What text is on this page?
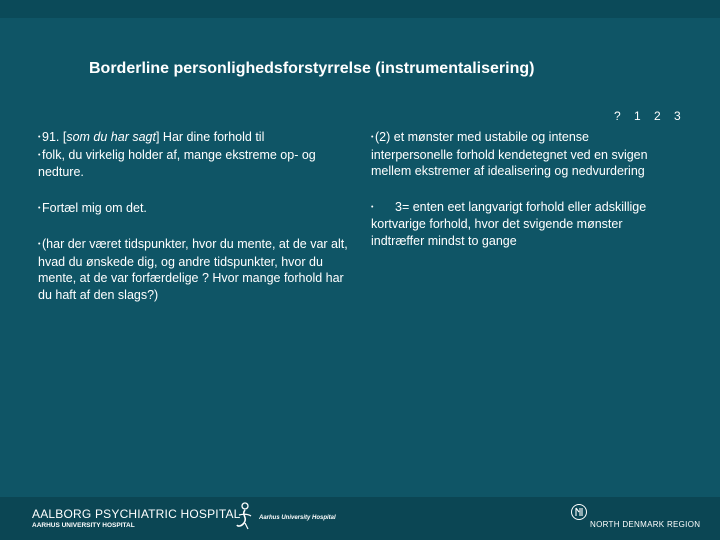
Borderline personlighedsforstyrrelse (instrumentalisering)
? 1 2 3

• 91. [som du har sagt] Har dine forhold til

• folk, du virkelig holder af, mange ekstreme op- og nedture.

• Fortæl mig om det.

• (har der været tidspunkter, hvor du mente, at de var alt, hvad du ønskede dig, og andre tidspunkter, hvor du mente, at de var forfærdelige ? Hvor mange forhold har du haft af den slags?)

• (2) et mønster med ustabile og intense interpersonelle forhold kendetegnet ved en svigen mellem ekstremer af idealisering og nedvurdering

• 3= enten eet langvarigt forhold eller adskillige kortvarige forhold, hvor det svigende mønster indtræffer mindst to gange

AALBORG PSYCHIATRIC HOSPITAL
AARHUS UNIVERSITY HOSPITAL
Aarhus University Hospital
NORTH DENMARK REGION
